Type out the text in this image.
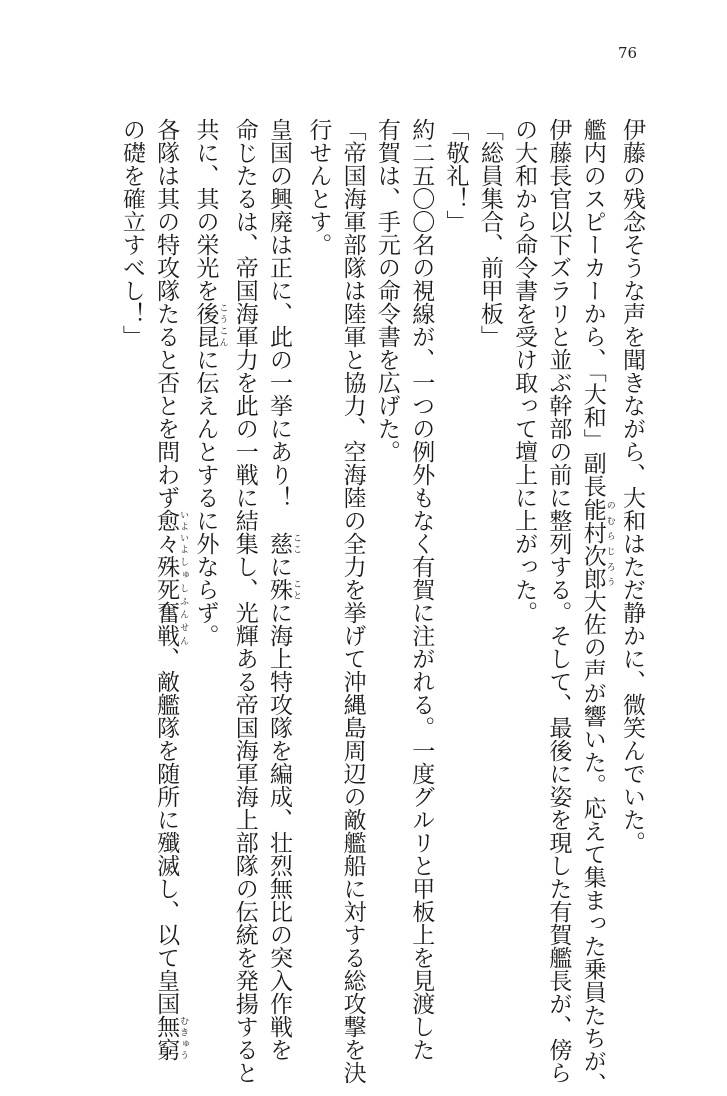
76
伊藤の残念そうな声を聞きながら、大和はただ静かに、微笑んでいた。
艦内のスピーカーから、「大和」副長能村次郎 のむらじろう大佐の声が響いた。応えて集まった乗員たちが、
伊藤長官以下ズラリと並ぶ幹部の前に整列する。そして、最後に姿を現した有賀艦長が、傍ら
の大和から命令書を受け取って壇上に上がった。
「総員集合、前甲板」
「敬礼！」
約二五〇〇名の視線が、一つの例外もなく有賀に注がれる。一度グルリと甲板上を見渡した
有賀は、手元の命令書を広げた。
「帝国海軍部隊は陸軍と協力、空海陸の全力を挙げて沖縄島周辺の敵艦船に対する総攻撃を決
行せんとす。
皇国の興廃は正に、此の一挙にあり！　慈 ここに殊 ことに海上特攻隊を編成、壮烈無比の突入作戦を
命じたるは、帝国海軍力を此の一戦に結集し、光輝ある帝国海軍海上部隊の伝統を発揚すると
共に、其の栄光を後昆 こうこんに伝えんとするに外ならず。
各隊は其の特攻隊たると否とを問わず愈々 いよいよ殊死奮戦 しゅしふんせん、敵艦隊を随所に殲滅し、以て皇国無窮 むきゅう
の礎を確立すべし！」
